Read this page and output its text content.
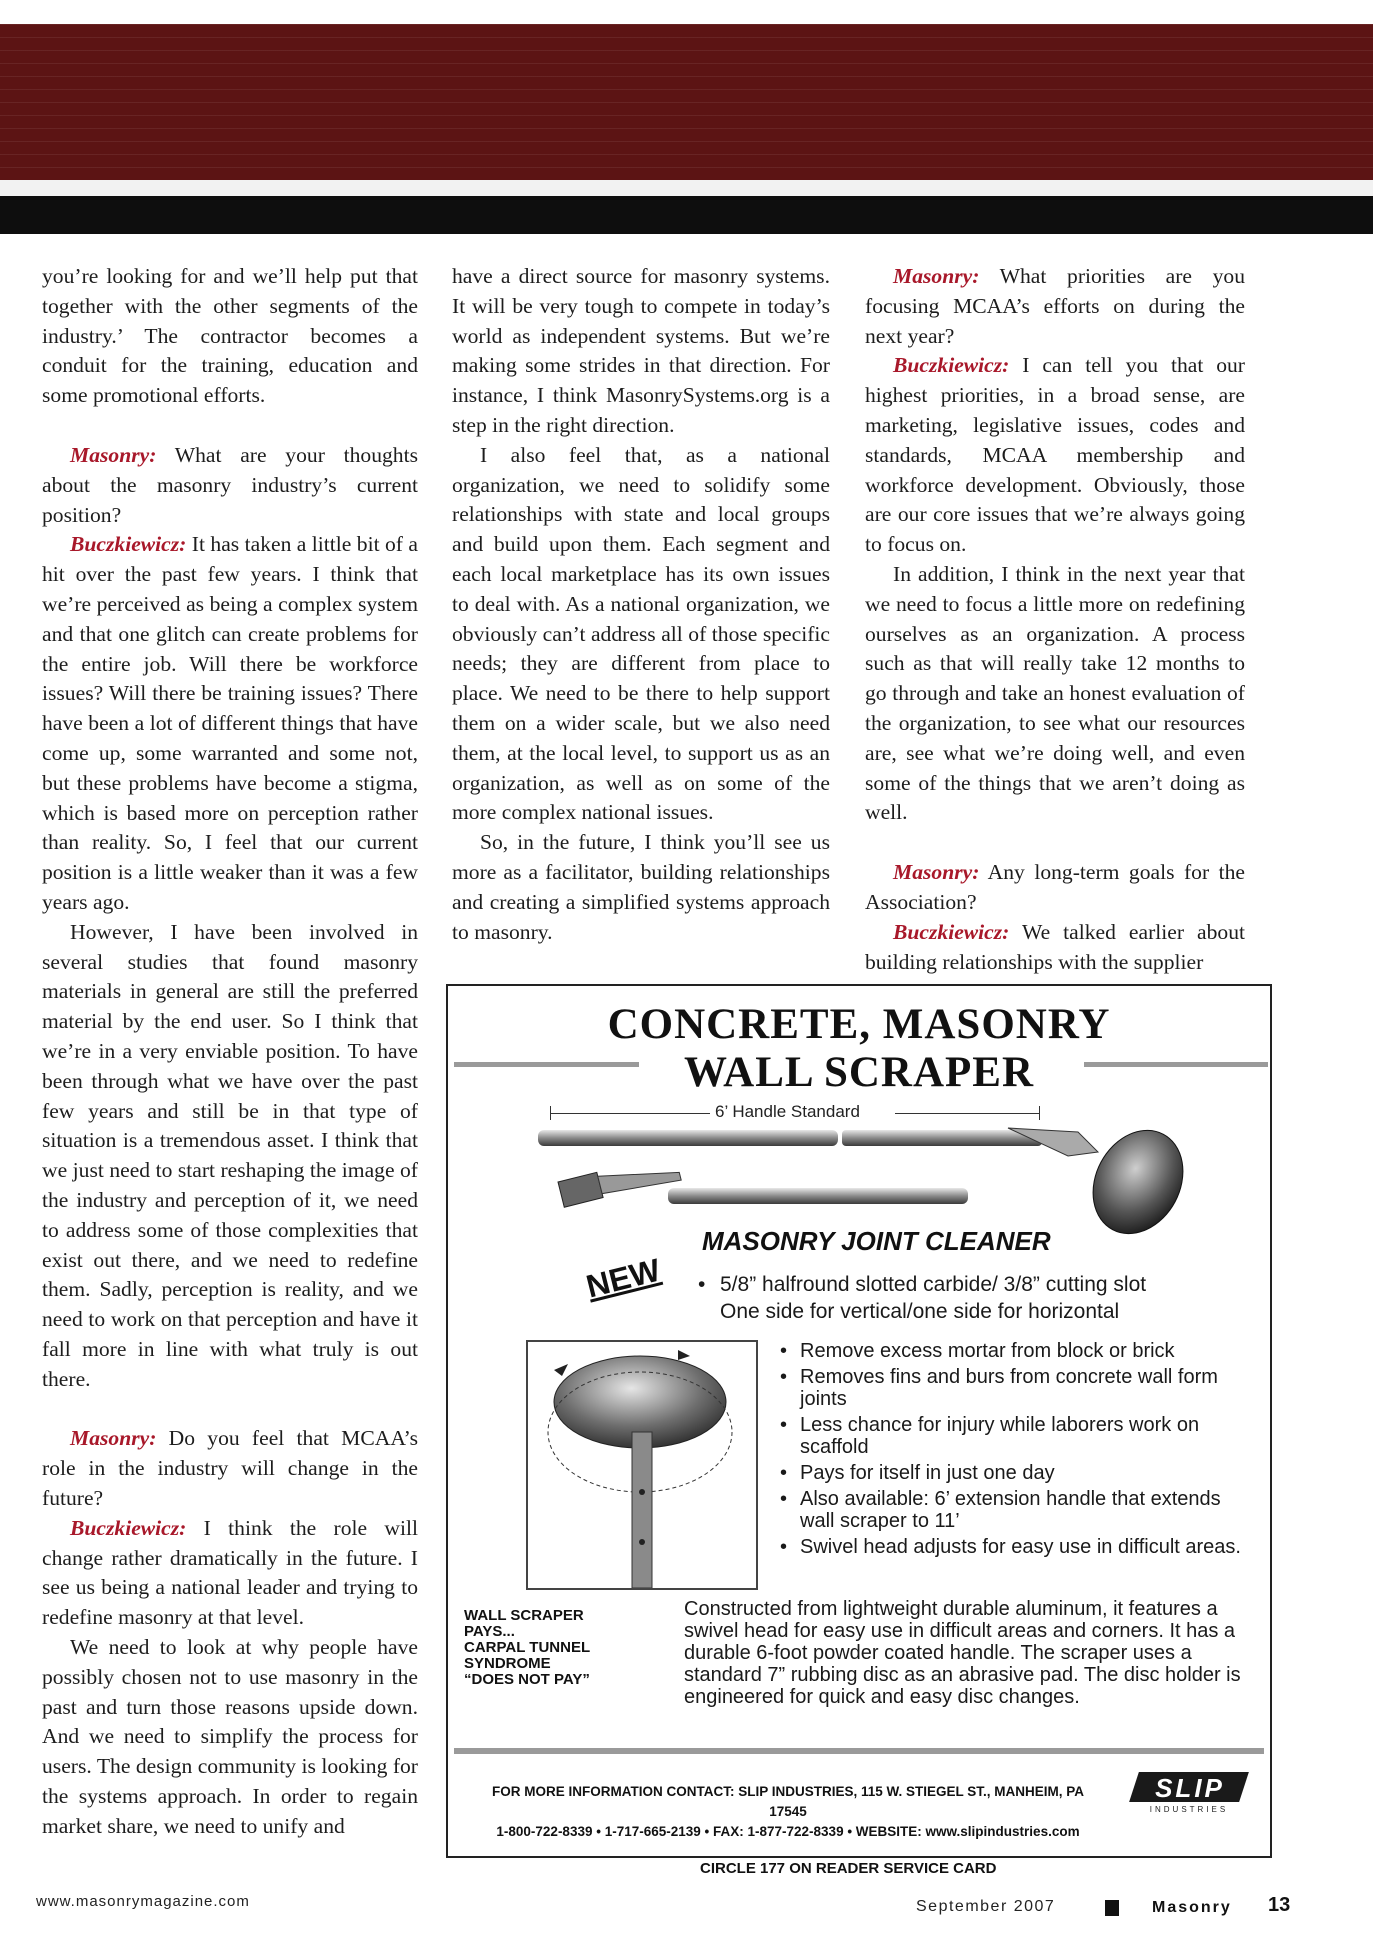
you’re looking for and we’ll help put that together with the other segments of the industry.’ The contractor becomes a conduit for the training, education and some promotional efforts.

Masonry: What are your thoughts about the masonry industry’s current position?

Buczkiewicz: It has taken a little bit of a hit over the past few years. I think that we’re perceived as being a complex system and that one glitch can create problems for the entire job. Will there be workforce issues? Will there be training issues? There have been a lot of different things that have come up, some warranted and some not, but these problems have become a stigma, which is based more on perception rather than reality. So, I feel that our current position is a little weaker than it was a few years ago.

However, I have been involved in several studies that found masonry materials in general are still the preferred material by the end user. So I think that we’re in a very enviable position. To have been through what we have over the past few years and still be in that type of situation is a tremendous asset. I think that we just need to start reshaping the image of the industry and perception of it, we need to address some of those complexities that exist out there, and we need to redefine them. Sadly, perception is reality, and we need to work on that perception and have it fall more in line with what truly is out there.

Masonry: Do you feel that MCAA’s role in the industry will change in the future?

Buczkiewicz: I think the role will change rather dramatically in the future. I see us being a national leader and trying to redefine masonry at that level.

We need to look at why people have possibly chosen not to use masonry in the past and turn those reasons upside down. And we need to simplify the process for users. The design community is looking for the systems approach. In order to regain market share, we need to unify and

have a direct source for masonry systems. It will be very tough to compete in today’s world as independent systems. But we’re making some strides in that direction. For instance, I think MasonrySystems.org is a step in the right direction.

I also feel that, as a national organization, we need to solidify some relationships with state and local groups and build upon them. Each segment and each local marketplace has its own issues to deal with. As a national organization, we obviously can’t address all of those specific needs; they are different from place to place. We need to be there to help support them on a wider scale, but we also need them, at the local level, to support us as an organization, as well as on some of the more complex national issues.

So, in the future, I think you’ll see us more as a facilitator, building relationships and creating a simplified systems approach to masonry.

Masonry: What priorities are you focusing MCAA’s efforts on during the next year?

Buczkiewicz: I can tell you that our highest priorities, in a broad sense, are marketing, legislative issues, codes and standards, MCAA membership and workforce development. Obviously, those are our core issues that we’re always going to focus on.

In addition, I think in the next year that we need to focus a little more on redefining ourselves as an organization. A process such as that will really take 12 months to go through and take an honest evaluation of the organization, to see what our resources are, see what we’re doing well, and even some of the things that we aren’t doing as well.

Masonry: Any long-term goals for the Association?

Buczkiewicz: We talked earlier about building relationships with the supplier

CONCRETE, MASONRY
WALL SCRAPER
6’ Handle Standard
MASONRY JOINT CLEANER
NEW
•	5/8” halfround slotted carbide/ 3/8” cutting slot
One side for vertical/one side for horizontal
• Remove excess mortar from block or brick
• Removes fins and burs from concrete wall form joints
• Less chance for injury while laborers work on scaffold
• Pays for itself in just one day
• Also available: 6’ extension handle that extends wall scraper to 11’
• Swivel head adjusts for easy use in difficult areas.
WALL SCRAPER
PAYS...
CARPAL TUNNEL
SYNDROME
“DOES NOT PAY”
Constructed from lightweight durable aluminum, it features a swivel head for easy use in difficult areas and corners. It has a durable 6-foot powder coated handle. The scraper uses a standard 7” rubbing disc as an abrasive pad. The disc holder is engineered for quick and easy disc changes.
FOR MORE INFORMATION CONTACT: SLIP INDUSTRIES, 115 W. STIEGEL ST., MANHEIM, PA 17545
1-800-722-8339 • 1-717-665-2139 • FAX: 1-877-722-8339 • WEBSITE: www.slipindustries.com
SLIP
INDUSTRIES
CIRCLE 177 ON READER SERVICE CARD
www.masonrymagazine.com	September 2007	Masonry 13
